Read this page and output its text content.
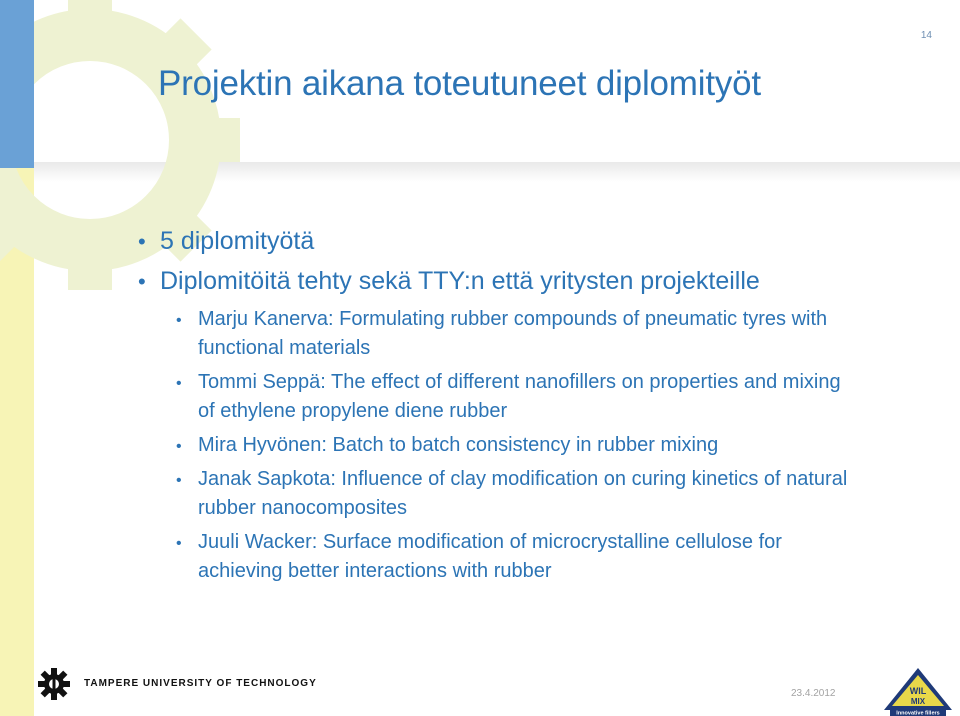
14
Projektin aikana toteutuneet diplomityöt
•
5 diplomityötä
•
Diplomitöitä tehty sekä TTY:n että yritysten projekteille
•
Marju Kanerva: Formulating rubber compounds of pneumatic tyres with functional materials
•
Tommi Seppä: The effect of different nanofillers on properties and mixing of ethylene propylene diene rubber
•
Mira Hyvönen: Batch to batch consistency in rubber mixing
•
Janak Sapkota: Influence of clay modification on curing kinetics of natural rubber nanocomposites
•
Juuli Wacker: Surface modification of microcrystalline cellulose for achieving better interactions with rubber
TAMPERE UNIVERSITY OF TECHNOLOGY
23.4.2012	WIL
MIX
Innovative fillers
